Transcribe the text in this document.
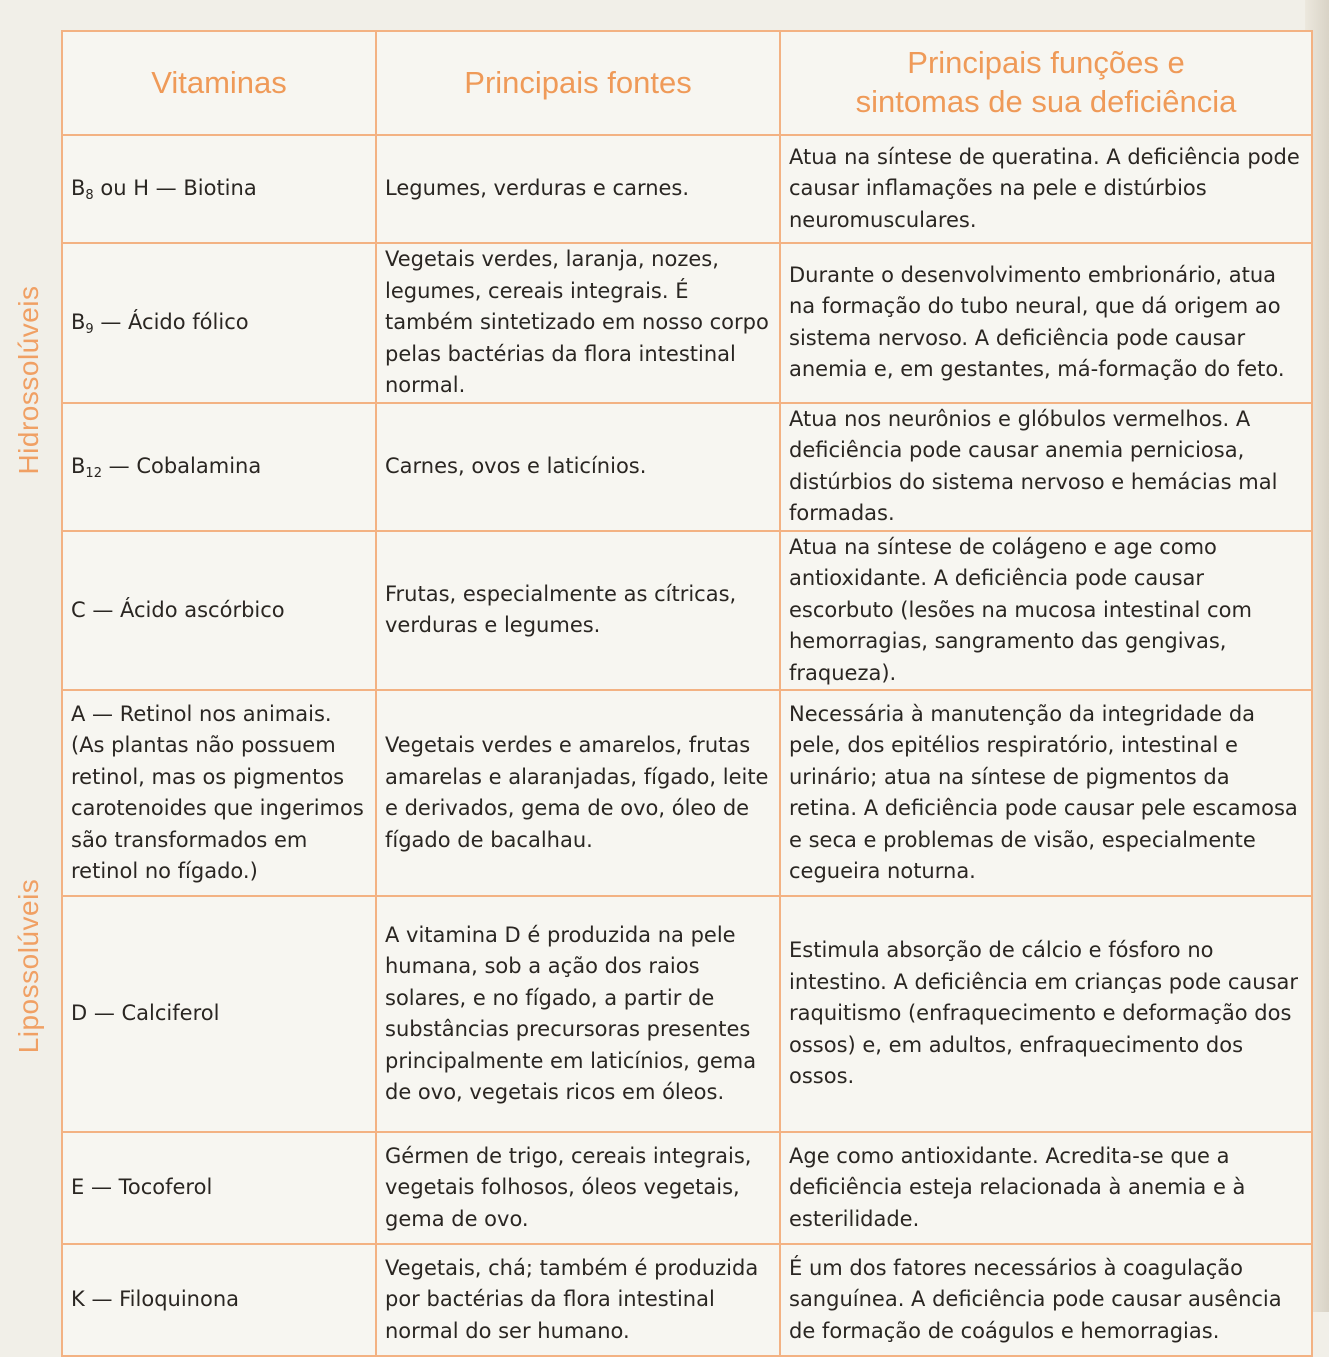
Hidrossolúveis
Lipossolúveis
Vitaminas	Principais fontes	Principais funções e
sintomas de sua deficiência

$B_8$ ou H — Biotina	Legumes, verduras e carnes.	Atua na síntese de queratina. A deficiência pode causar inflamações na pele e distúrbios neuromusculares.
$B_9$ — Ácido fólico	Vegetais verdes, laranja, nozes, legumes, cereais integrais. É também sintetizado em nosso corpo pelas bactérias da flora intestinal normal.	Durante o desenvolvimento embrionário, atua na formação do tubo neural, que dá origem ao sistema nervoso. A deficiência pode causar anemia e, em gestantes, má-formação do feto.
$B_{12}$ — Cobalamina	Carnes, ovos e laticínios.	Atua nos neurônios e glóbulos vermelhos. A deficiência pode causar anemia perniciosa, distúrbios do sistema nervoso e hemácias mal formadas.
C — Ácido ascórbico	Frutas, especialmente as cítricas, verduras e legumes.	Atua na síntese de colágeno e age como antioxidante. A deficiência pode causar escorbuto (lesões na mucosa intestinal com hemorragias, sangramento das gengivas, fraqueza).

A — Retinol nos animais.
(As plantas não possuem retinol, mas os pigmentos carotenoides que ingerimos são transformados em retinol no fígado.)	Vegetais verdes e amarelos, frutas amarelas e alaranjadas, fígado, leite e derivados, gema de ovo, óleo de fígado de bacalhau.	Necessária à manutenção da integridade da pele, dos epitélios respiratório, intestinal e urinário; atua na síntese de pigmentos da retina. A deficiência pode causar pele escamosa e seca e problemas de visão, especialmente cegueira noturna.
D — Calciferol	A vitamina D é produzida na pele humana, sob a ação dos raios solares, e no fígado, a partir de substâncias precursoras presentes principalmente em laticínios, gema de ovo, vegetais ricos em óleos.	Estimula absorção de cálcio e fósforo no intestino. A deficiência em crianças pode causar raquitismo (enfraquecimento e deformação dos ossos) e, em adultos, enfraquecimento dos ossos.
E — Tocoferol	Gérmen de trigo, cereais integrais, vegetais folhosos, óleos vegetais, gema de ovo.	Age como antioxidante. Acredita-se que a deficiência esteja relacionada à anemia e à esterilidade.
K — Filoquinona	Vegetais, chá; também é produzida por bactérias da flora intestinal normal do ser humano.	É um dos fatores necessários à coagulação sanguínea. A deficiência pode causar ausência de formação de coágulos e hemorragias.
